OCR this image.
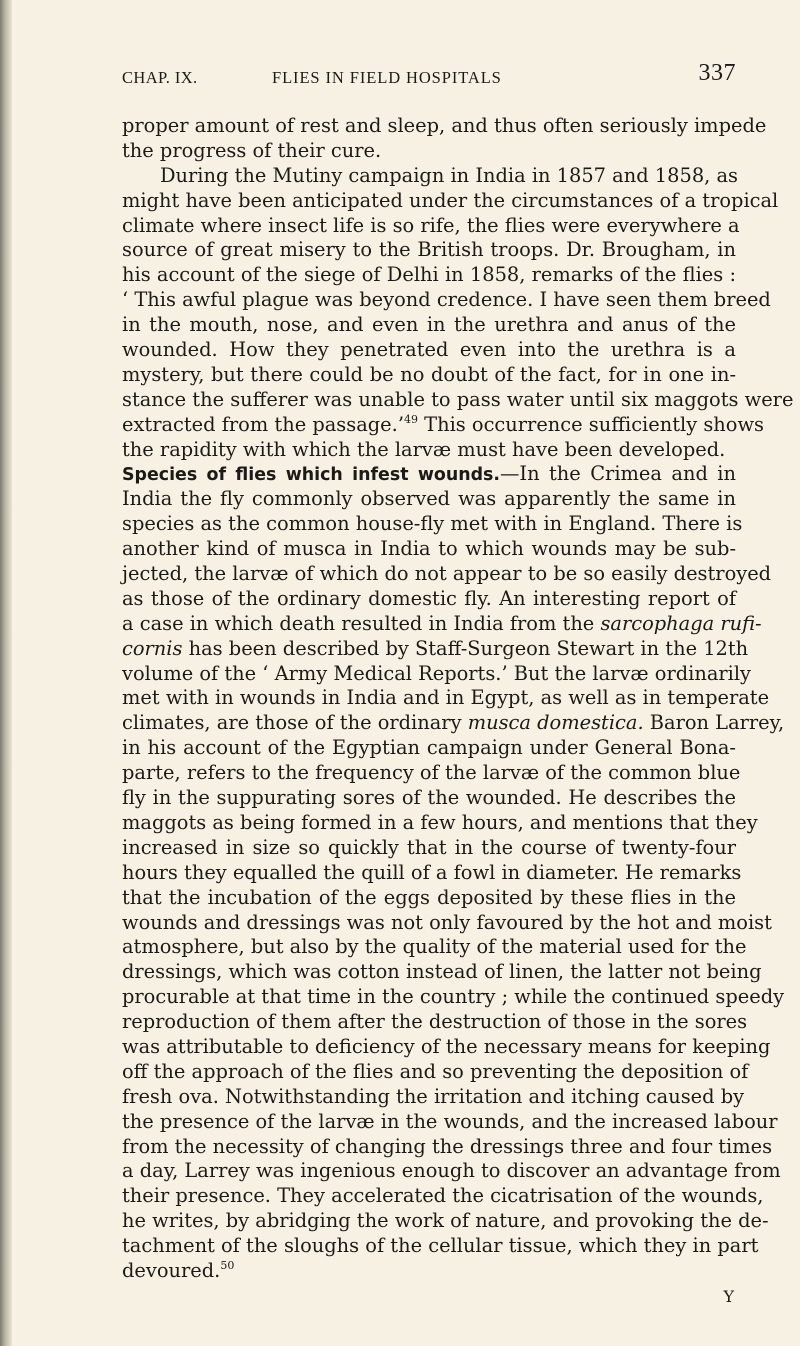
CHAP. IX.	FLIES IN FIELD HOSPITALS	337
proper amount of rest and sleep, and thus often seriously impede
the progress of their cure.
During the Mutiny campaign in India in 1857 and 1858, as
might have been anticipated under the circumstances of a tropical
climate where insect life is so rife, the flies were everywhere a
source of great misery to the British troops. Dr. Brougham, in
his account of the siege of Delhi in 1858, remarks of the flies :
‘ This awful plague was beyond credence. I have seen them breed
in the mouth, nose, and even in the urethra and anus of the
wounded. How they penetrated even into the urethra is a
mystery, but there could be no doubt of the fact, for in one in-
stance the sufferer was unable to pass water until six maggots were
extracted from the passage.’$^{49}$ This occurrence sufficiently shows
the rapidity with which the larvæ must have been developed.
Species of flies which infest wounds.—In the Crimea and in
India the fly commonly observed was apparently the same in
species as the common house-fly met with in England. There is
another kind of musca in India to which wounds may be sub-
jected, the larvæ of which do not appear to be so easily destroyed
as those of the ordinary domestic fly. An interesting report of
a case in which death resulted in India from the sarcophaga rufi-
cornis has been described by Staff-Surgeon Stewart in the 12th
volume of the ‘ Army Medical Reports.’ But the larvæ ordinarily
met with in wounds in India and in Egypt, as well as in temperate
climates, are those of the ordinary musca domestica. Baron Larrey,
in his account of the Egyptian campaign under General Bona-
parte, refers to the frequency of the larvæ of the common blue
fly in the suppurating sores of the wounded. He describes the
maggots as being formed in a few hours, and mentions that they
increased in size so quickly that in the course of twenty-four
hours they equalled the quill of a fowl in diameter. He remarks
that the incubation of the eggs deposited by these flies in the
wounds and dressings was not only favoured by the hot and moist
atmosphere, but also by the quality of the material used for the
dressings, which was cotton instead of linen, the latter not being
procurable at that time in the country ; while the continued speedy
reproduction of them after the destruction of those in the sores
was attributable to deficiency of the necessary means for keeping
off the approach of the flies and so preventing the deposition of
fresh ova. Notwithstanding the irritation and itching caused by
the presence of the larvæ in the wounds, and the increased labour
from the necessity of changing the dressings three and four times
a day, Larrey was ingenious enough to discover an advantage from
their presence. They accelerated the cicatrisation of the wounds,
he writes, by abridging the work of nature, and provoking the de-
tachment of the sloughs of the cellular tissue, which they in part
devoured.$^{50}$
Y
